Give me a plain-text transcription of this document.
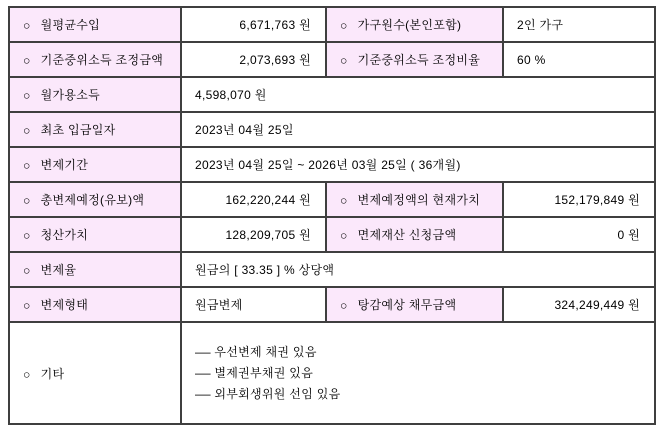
○ 월평균수입	6,671,763 원	○ 가구원수(본인포함)	2인 가구
○ 기준중위소득 조정금액	2,073,693 원	○ 기준중위소득 조정비율	60 %
○ 월가용소득	4,598,070 원		
○ 최초 입금일자	2023년 04월 25일		
○ 변제기간	2023년 04월 25일 ~ 2026년 03월 25일 ( 36개월)		
○ 총변제예정(유보)액	162,220,244 원	○ 변제예정액의 현재가치	152,179,849 원
○ 청산가치	128,209,705 원	○ 면제재산 신청금액	0 원
○ 변제율	원금의 [ 33.35 ] % 상당액		
○ 변제형태	원금변제	○ 탕감예상 채무금액	324,249,449 원
○ 기타	— 우선변제 채권 있음
— 별제권부채권 있음
— 외부회생위원 선임 있음		
